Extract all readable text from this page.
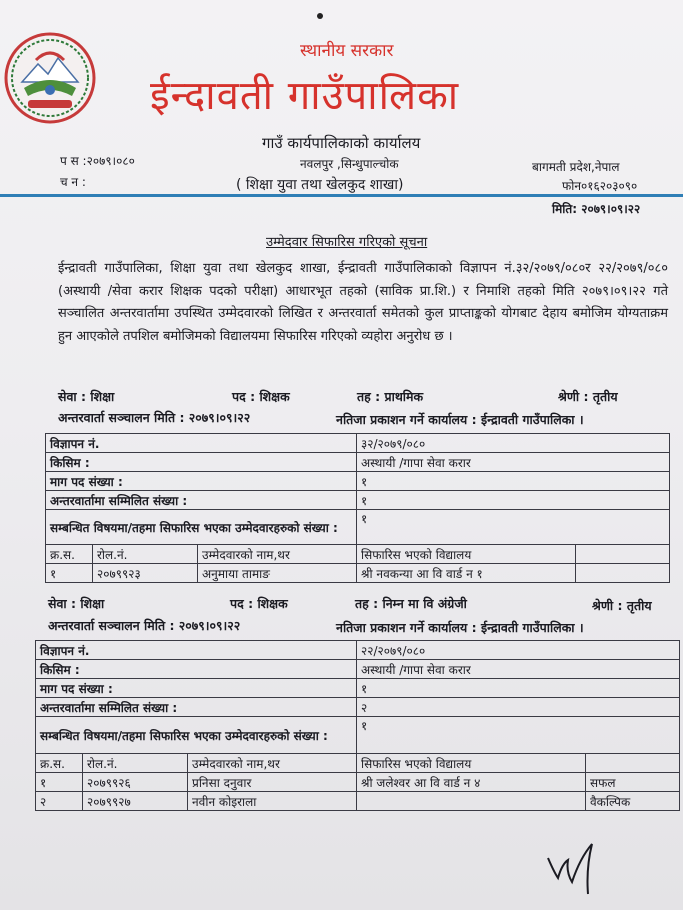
स्थानीय सरकार
ईन्दावती गाउँपालिका
गाउँ कार्यपालिकाको कार्यालय
नवलपुर ,सिन्धुपाल्चोक
( शिक्षा युवा तथा खेलकुद शाखा)
प स :२०७९।०८०
च न :
बागमती प्रदेश,नेपाल
फोन०१६२०३०९०
मिति: २०७९।०९।२२
उम्मेदवार सिफारिस गरिएको सूचना
ईन्द्रावती गाउँपालिका, शिक्षा युवा तथा खेलकुद शाखा, ईन्द्रावती गाउँपालिकाको विज्ञापन नं.३२/२०७९/०८०र २२/२०७९/०८० (अस्थायी /सेवा करार शिक्षक पदको परीक्षा) आधारभूत तहको (साविक प्रा.शि.) र निमाशि तहको मिति २०७९।०९।२२ गते सञ्चालित अन्तरवार्तामा उपस्थित उम्मेदवारको लिखित र अन्तरवार्ता समेतको कुल प्राप्ताङ्कको योगबाट देहाय बमोजिम योग्यताक्रम हुन आएकोले तपशिल बमोजिमको विद्यालयमा सिफारिस गरिएको व्यहोरा अनुरोध छ ।
सेवा : शिक्षा	पद : शिक्षक	तह : प्राथमिक	श्रेणी : तृतीय
अन्तरवार्ता सञ्चालन मिति : २०७९।०९।२२	नतिजा प्रकाशन गर्ने कार्यालय : ईन्द्रावती गाउँपालिका ।
विज्ञापन नं.			३२/२०७९/०८०	
किसिम :			अस्थायी /गापा सेवा करार	
माग पद संख्या :			१	
अन्तरवार्तामा सम्मिलित संख्या :			१	
सम्बन्धित विषयमा/तहमा सिफारिस भएका उम्मेदवारहरुको संख्या :			१	
क्र.स.	रोल.नं.	उम्मेदवारको नाम,थर	सिफारिस भएको विद्यालय	
१	२०७९९२३	अनुमाया तामाङ	श्री नवकन्या आ वि वार्ड न १	
सेवा : शिक्षा	पद : शिक्षक	तह : निम्न मा वि अंग्रेजी	श्रेणी : तृतीय
अन्तरवार्ता सञ्चालन मिति : २०७९।०९।२२	नतिजा प्रकाशन गर्ने कार्यालय : ईन्द्रावती गाउँपालिका ।
विज्ञापन नं.			२२/२०७९/०८०	
किसिम :			अस्थायी /गापा सेवा करार	
माग पद संख्या :			१	
अन्तरवार्तामा सम्मिलित संख्या :			२	
सम्बन्धित विषयमा/तहमा सिफारिस भएका उम्मेदवारहरुको संख्या :			१	
क्र.स.	रोल.नं.	उम्मेदवारको नाम,थर	सिफारिस भएको विद्यालय	
१	२०७९९२६	प्रनिसा दनुवार	श्री जलेश्वर आ वि वार्ड न ४	सफल
२	२०७९९२७	नवीन कोइराला		वैकल्पिक
